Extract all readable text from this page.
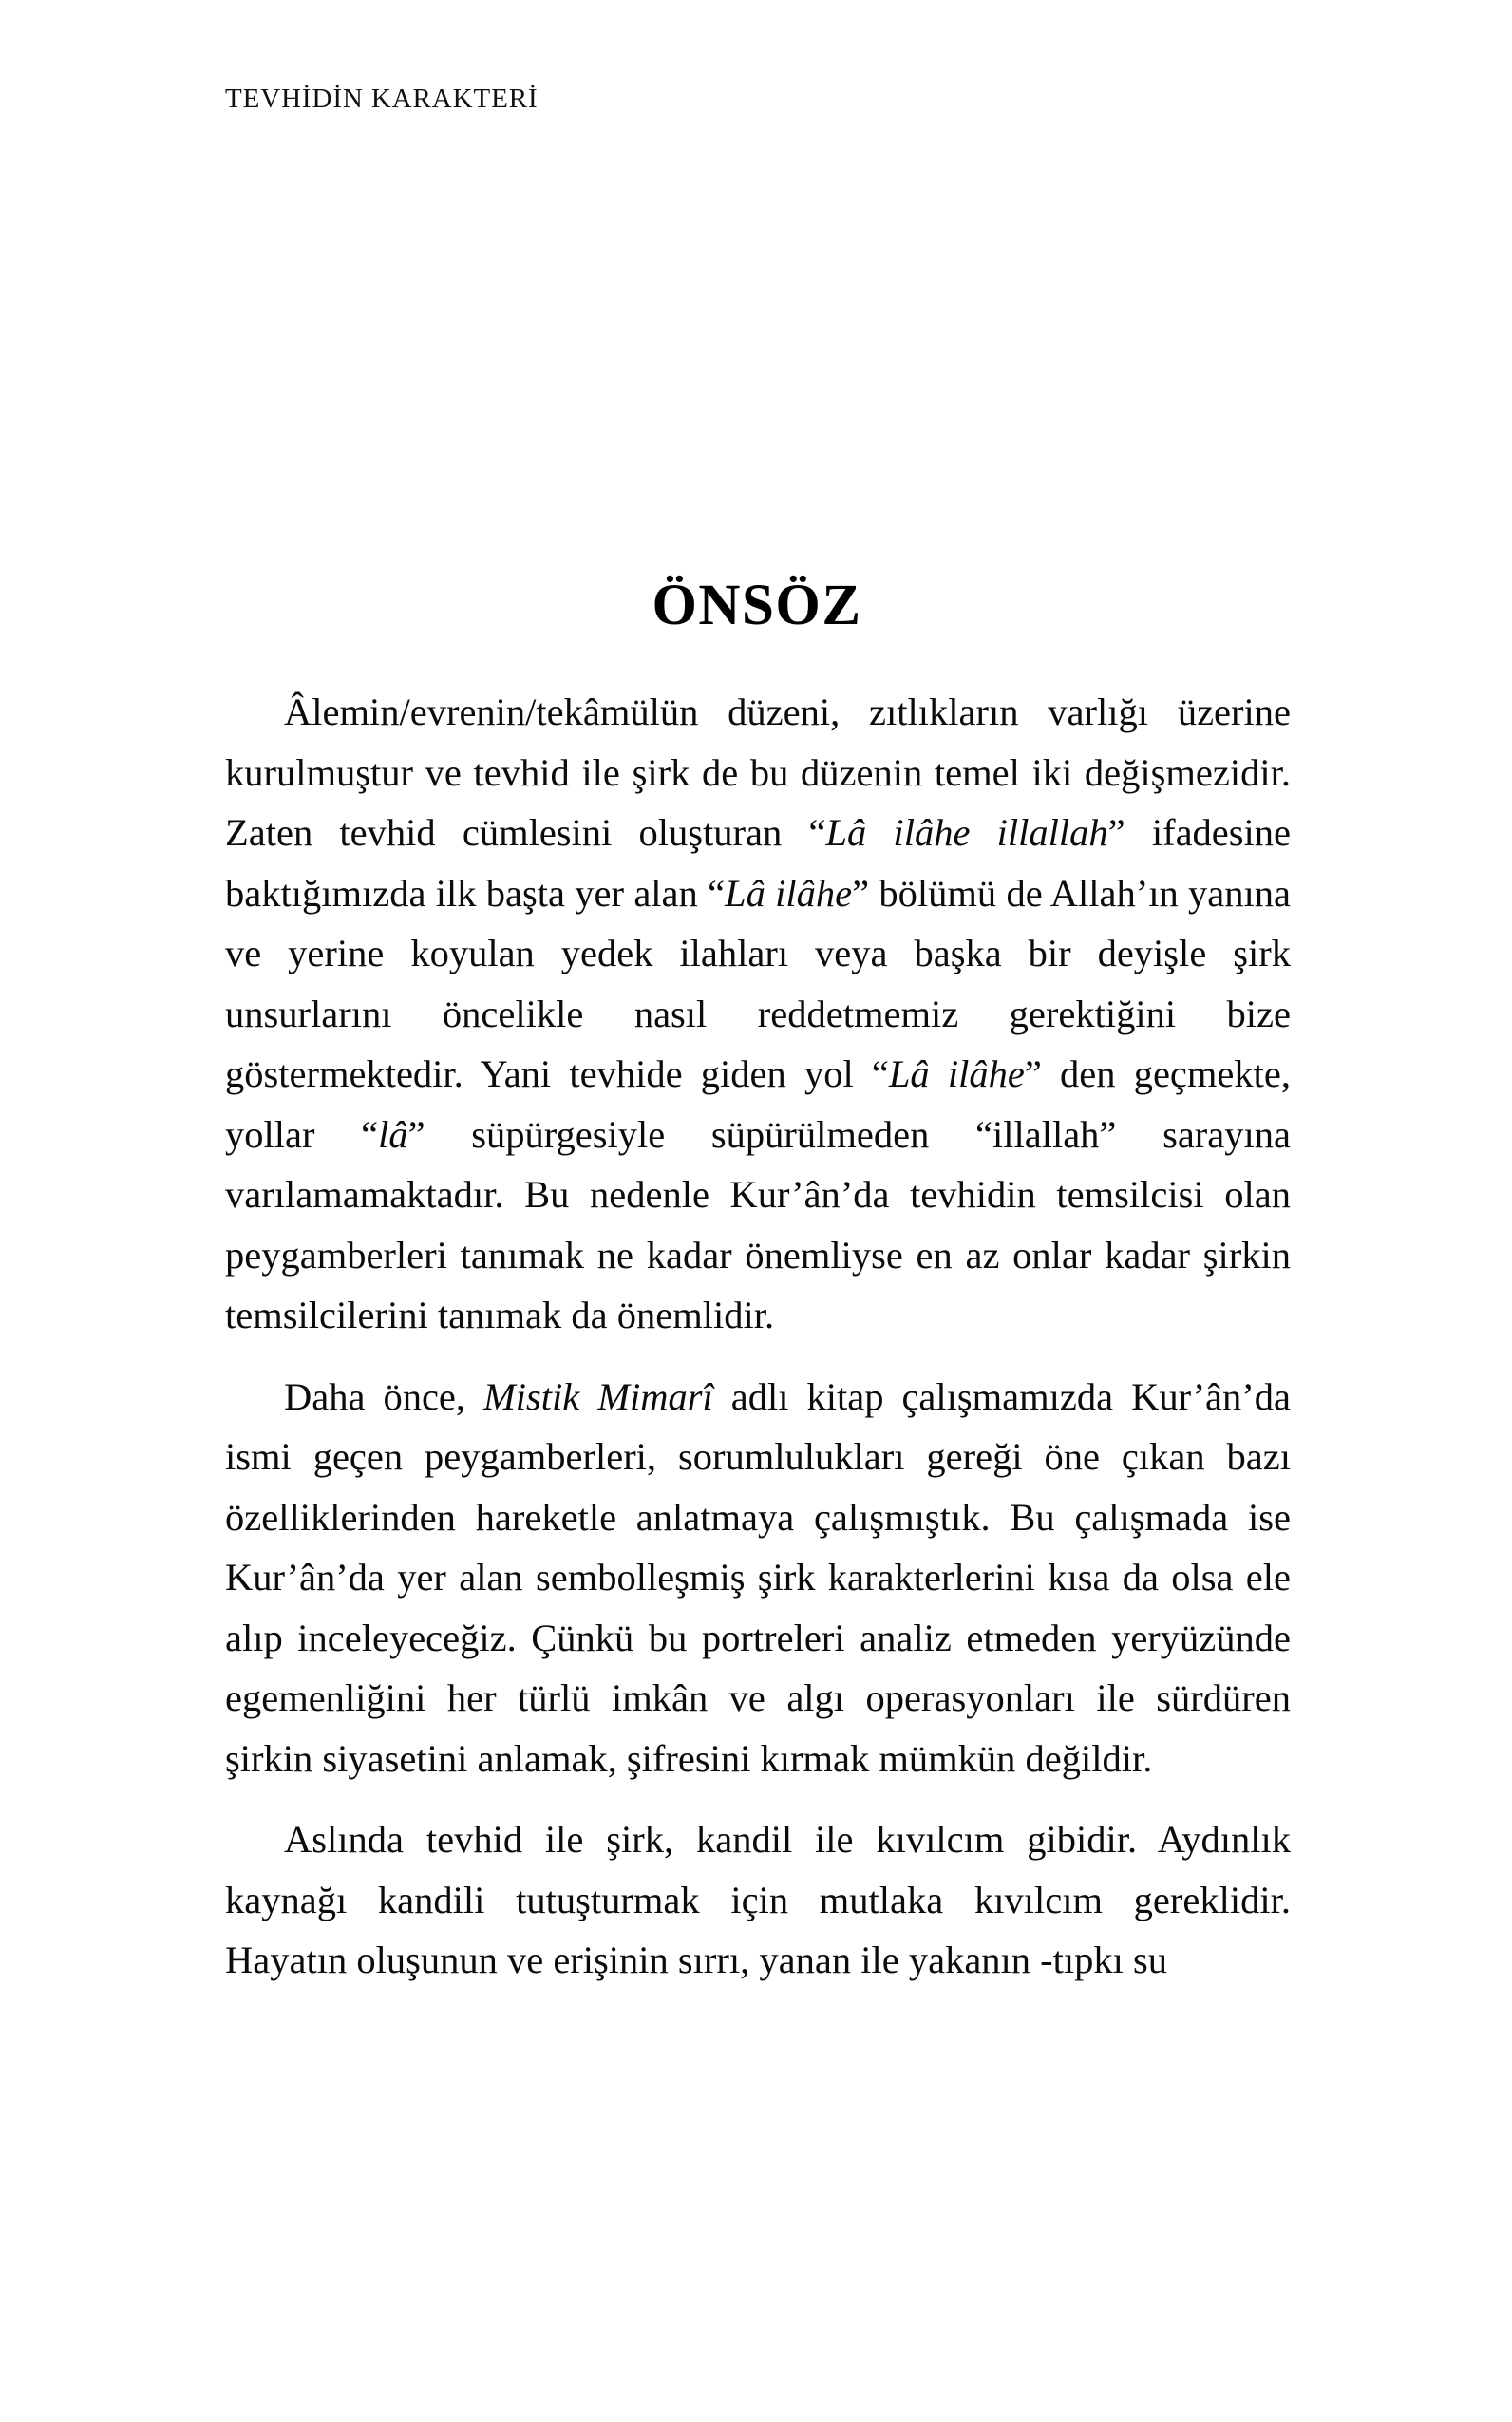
TEVHİDİN KARAKTERİ
ÖNSÖZ

Âlemin/evrenin/tekâmülün düzeni, zıtlıkların varlığı üzerine kurulmuştur ve tevhid ile şirk de bu düzenin temel iki değişmezidir. Zaten tevhid cümlesini oluşturan “Lâ ilâhe illallah” ifadesine baktığımızda ilk başta yer alan “Lâ ilâhe” bölümü de Allah’ın yanına ve yerine koyulan yedek ilahları veya başka bir deyişle şirk unsurlarını öncelikle nasıl reddetmemiz gerektiğini bize göstermektedir. Yani tevhide giden yol “Lâ ilâhe” den geçmekte, yollar “lâ” süpürgesiyle süpürülmeden “illallah” sarayına varılamamaktadır. Bu nedenle Kur’ân’da tevhidin temsilcisi olan peygamberleri tanımak ne kadar önemliyse en az onlar kadar şirkin temsilcilerini tanımak da önemlidir.

Daha önce, Mistik Mimarî adlı kitap çalışmamızda Kur’ân’da ismi geçen peygamberleri, sorumlulukları gereği öne çıkan bazı özelliklerinden hareketle anlatmaya çalışmıştık. Bu çalışmada ise Kur’ân’da yer alan sembolleşmiş şirk karakterlerini kısa da olsa ele alıp inceleyeceğiz. Çünkü bu portreleri analiz etmeden yeryüzünde egemenliğini her türlü imkân ve algı operasyonları ile sürdüren şirkin siyasetini anlamak, şifresini kırmak mümkün değildir.

Aslında tevhid ile şirk, kandil ile kıvılcım gibidir. Aydınlık kaynağı kandili tutuşturmak için mutlaka kıvılcım gereklidir. Hayatın oluşunun ve erişinin sırrı, yanan ile yakanın -tıpkı su
